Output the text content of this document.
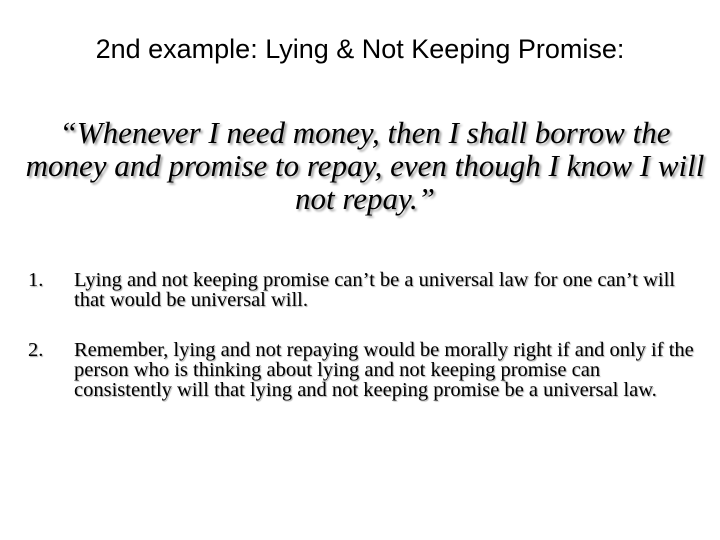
2nd example: Lying & Not Keeping Promise:
“Whenever I need money, then I shall borrow the money and promise to repay, even though I know I will not repay.”
1.	Lying and not keeping promise can’t be a universal law for one can’t will that would be universal will.
2.	Remember, lying and not repaying would be morally right if and only if the person who is thinking about lying and not keeping promise can consistently will that lying and not keeping promise be a universal law.
